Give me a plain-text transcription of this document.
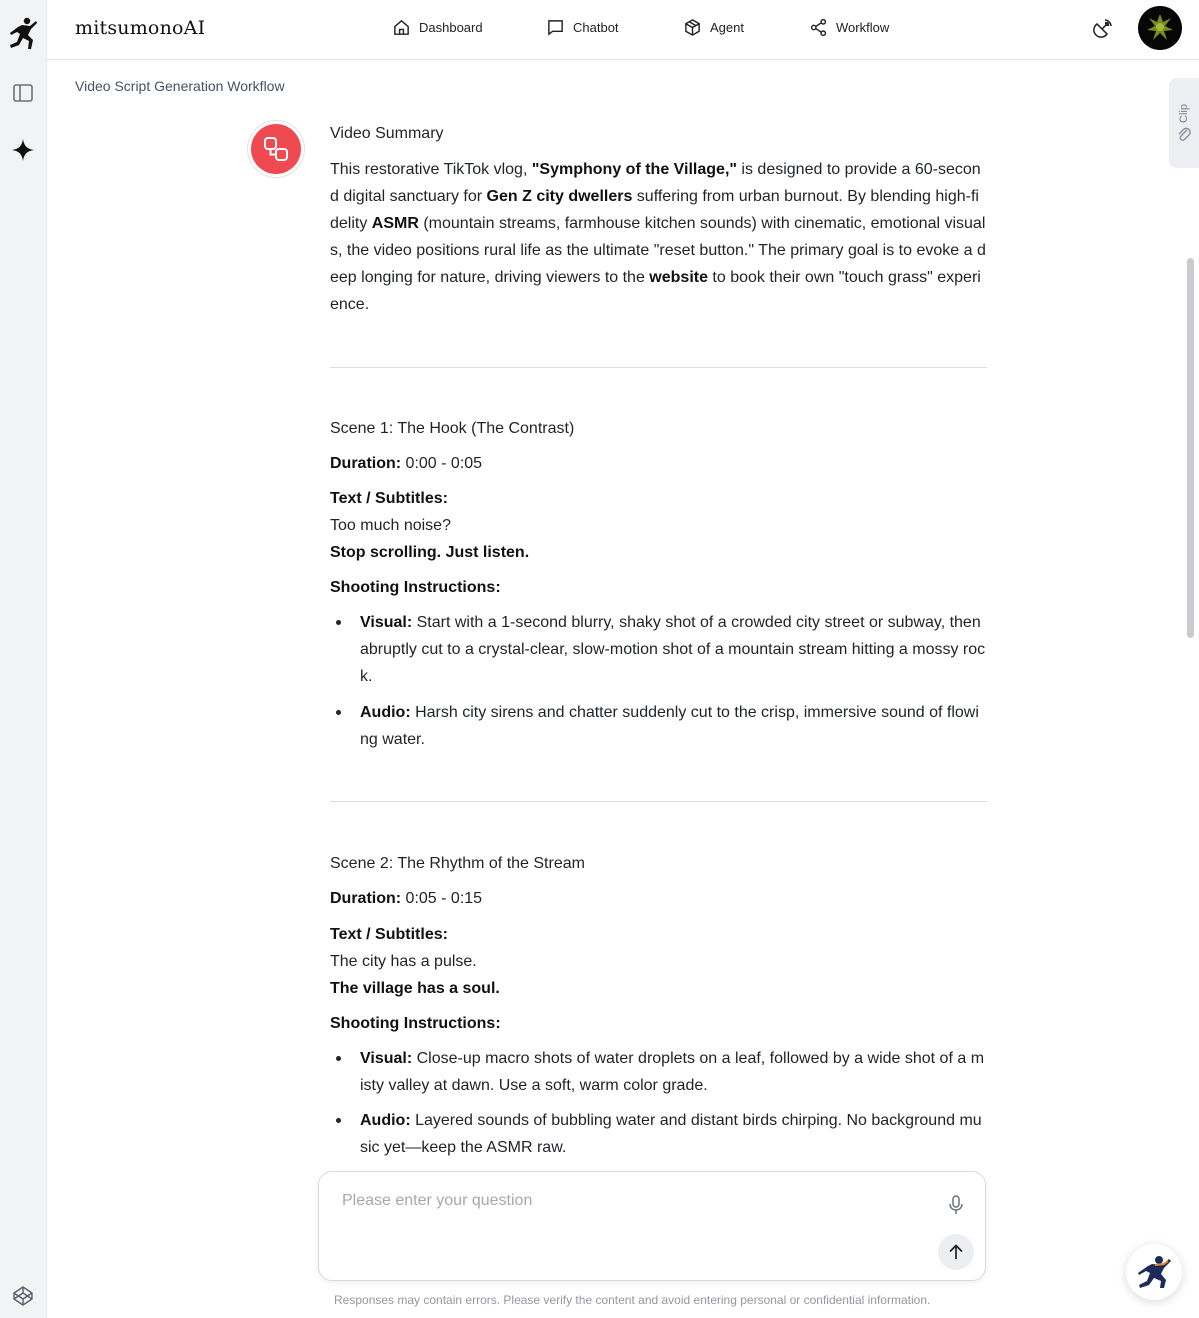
mitsumonoAI	Dashboard	Chatbot	Agent	Workflow
Video Script Generation Workflow
Clip

Video Summary

This restorative TikTok vlog, "Symphony of the Village," is designed to provide a 60-second digital sanctuary for Gen Z city dwellers suffering from urban burnout. By blending high-fidelity ASMR (mountain streams, farmhouse kitchen sounds) with cinematic, emotional visuals, the video positions rural life as the ultimate "reset button." The primary goal is to evoke a deep longing for nature, driving viewers to the website to book their own "touch grass" experience.

Scene 1: The Hook (The Contrast)

Duration: 0:00 - 0:05

Text / Subtitles:

Too much noise?

Stop scrolling. Just listen.

Shooting Instructions:

Visual: Start with a 1-second blurry, shaky shot of a crowded city street or subway, then abruptly cut to a crystal-clear, slow-motion shot of a mountain stream hitting a mossy rock.
Audio: Harsh city sirens and chatter suddenly cut to the crisp, immersive sound of flowing water.

Scene 2: The Rhythm of the Stream

Duration: 0:05 - 0:15

Text / Subtitles:

The city has a pulse.

The village has a soul.

Shooting Instructions:

Visual: Close-up macro shots of water droplets on a leaf, followed by a wide shot of a misty valley at dawn. Use a soft, warm color grade.
Audio: Layered sounds of bubbling water and distant birds chirping. No background music yet—keep the ASMR raw.
Please enter your question
Responses may contain errors. Please verify the content and avoid entering personal or confidential information.
